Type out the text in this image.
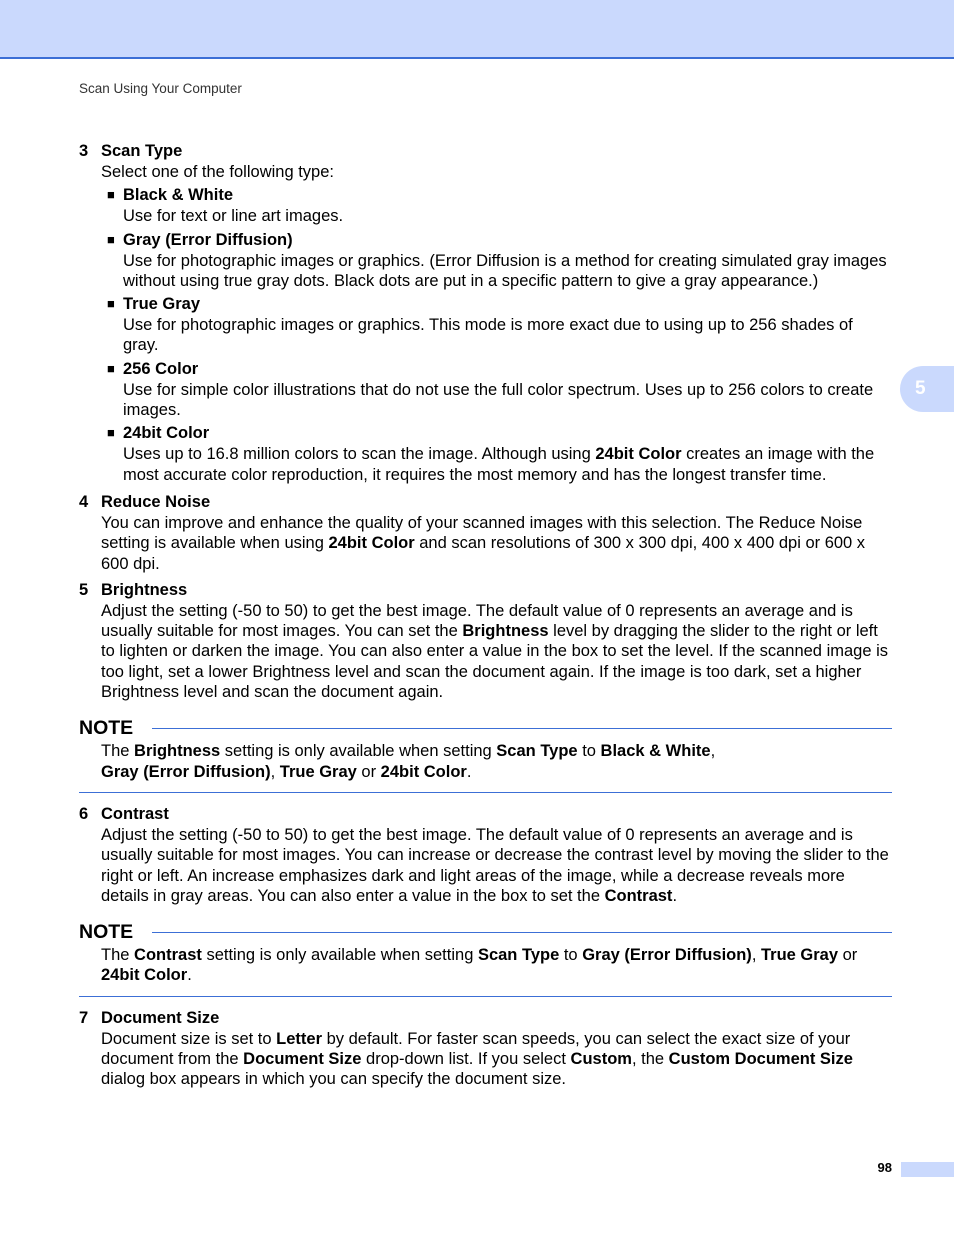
Scan Using Your Computer
5
3 Scan Type
Select one of the following type:
■ Black & White
Use for text or line art images.
■ Gray (Error Diffusion)
Use for photographic images or graphics. (Error Diffusion is a method for creating simulated gray images without using true gray dots. Black dots are put in a specific pattern to give a gray appearance.)
■ True Gray
Use for photographic images or graphics. This mode is more exact due to using up to 256 shades of gray.
■ 256 Color
Use for simple color illustrations that do not use the full color spectrum. Uses up to 256 colors to create images.
■ 24bit Color
Uses up to 16.8 million colors to scan the image. Although using 24bit Color creates an image with the most accurate color reproduction, it requires the most memory and has the longest transfer time.
4 Reduce Noise
You can improve and enhance the quality of your scanned images with this selection. The Reduce Noise setting is available when using 24bit Color and scan resolutions of 300 x 300 dpi, 400 x 400 dpi or 600 x 600 dpi.
5 Brightness
Adjust the setting (-50 to 50) to get the best image. The default value of 0 represents an average and is usually suitable for most images. You can set the Brightness level by dragging the slider to the right or left to lighten or darken the image. You can also enter a value in the box to set the level. If the scanned image is too light, set a lower Brightness level and scan the document again. If the image is too dark, set a higher Brightness level and scan the document again.
NOTE
The Brightness setting is only available when setting Scan Type to Black & White,
Gray (Error Diffusion), True Gray or 24bit Color.
6 Contrast
Adjust the setting (-50 to 50) to get the best image. The default value of 0 represents an average and is usually suitable for most images. You can increase or decrease the contrast level by moving the slider to the right or left. An increase emphasizes dark and light areas of the image, while a decrease reveals more details in gray areas. You can also enter a value in the box to set the Contrast.
NOTE
The Contrast setting is only available when setting Scan Type to Gray (Error Diffusion), True Gray or
24bit Color.
7 Document Size
Document size is set to Letter by default. For faster scan speeds, you can select the exact size of your document from the Document Size drop-down list. If you select Custom, the Custom Document Size dialog box appears in which you can specify the document size.
98
